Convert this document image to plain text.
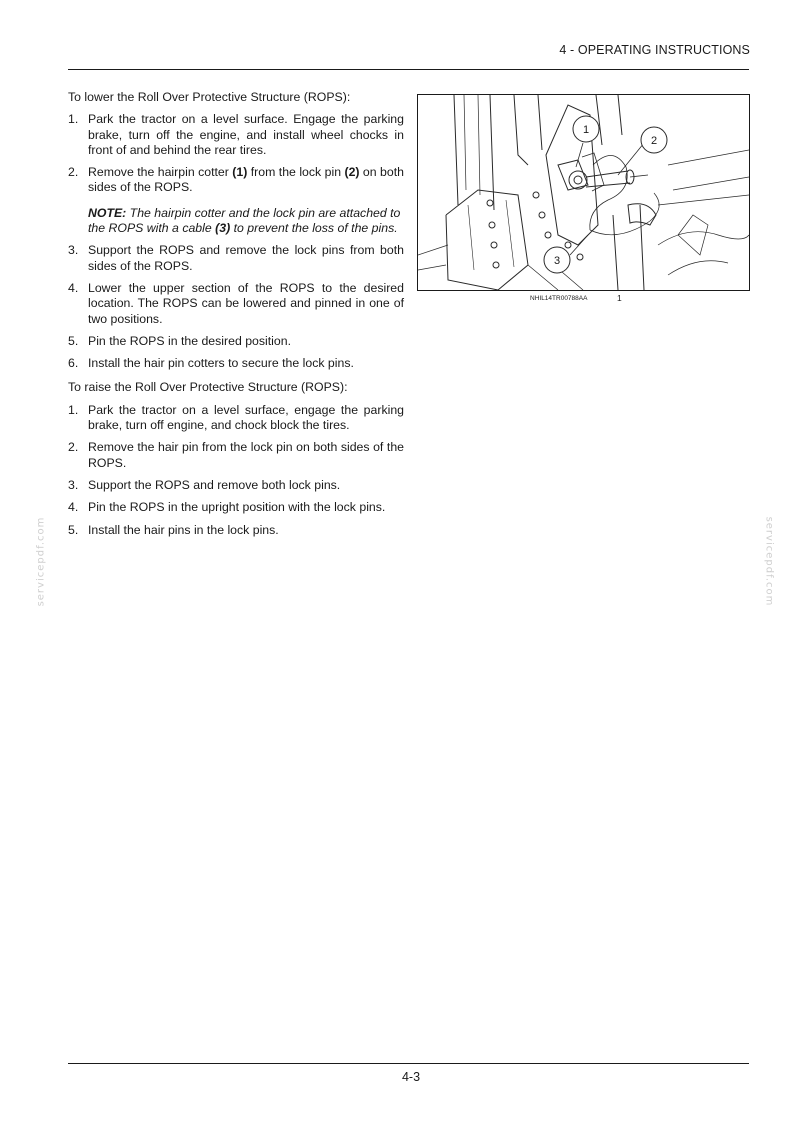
4 - OPERATING INSTRUCTIONS

To lower the Roll Over Protective Structure (ROPS):

1. Park the tractor on a level surface. Engage the parking brake, turn off the engine, and install wheel chocks in front of and behind the rear tires.
2. Remove the hairpin cotter (1) from the lock pin (2) on both sides of the ROPS.
NOTE: The hairpin cotter and the lock pin are attached to the ROPS with a cable (3) to prevent the loss of the pins.
3. Support the ROPS and remove the lock pins from both sides of the ROPS.
4. Lower the upper section of the ROPS to the desired location. The ROPS can be lowered and pinned in one of two positions.
5. Pin the ROPS in the desired position.
6. Install the hair pin cotters to secure the lock pins.

To raise the Roll Over Protective Structure (ROPS):

1. Park the tractor on a level surface, engage the parking brake, turn off engine, and chock block the tires.
2. Remove the hair pin from the lock pin on both sides of the ROPS.
3. Support the ROPS and remove both lock pins.
4. Pin the ROPS in the upright position with the lock pins.
5. Install the hair pins in the lock pins.
1
2
3
NHIL14TR00788AA	1
servicepdf.com	servicepdf.com
4-3
